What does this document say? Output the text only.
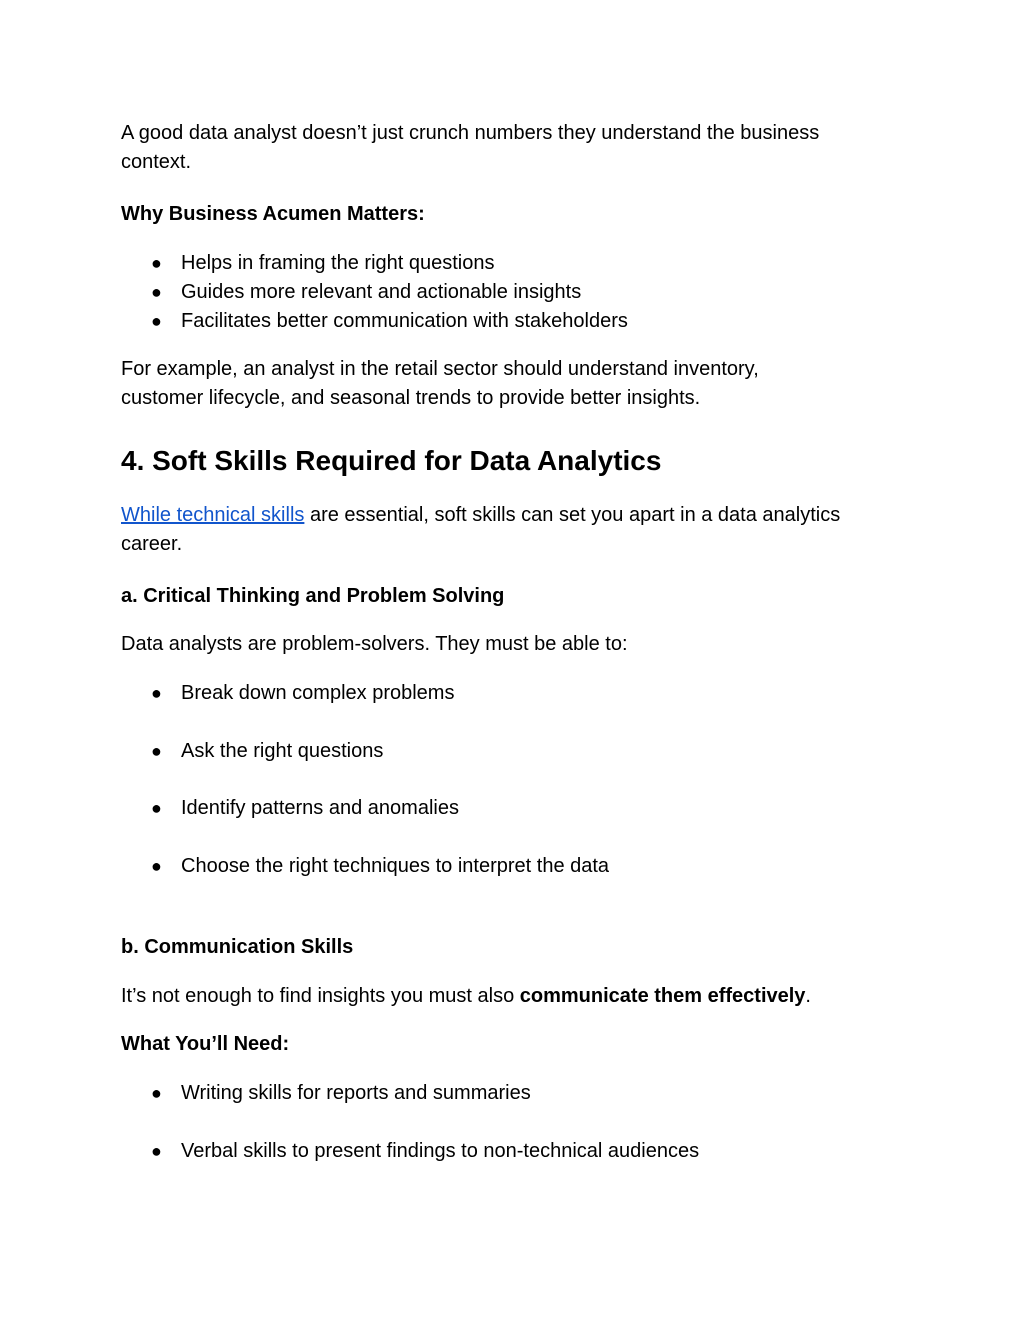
A good data analyst doesn’t just crunch numbers they understand the business

context.

Why Business Acumen Matters:

● Helps in framing the right questions
● Guides more relevant and actionable insights
● Facilitates better communication with stakeholders

For example, an analyst in the retail sector should understand inventory,

customer lifecycle, and seasonal trends to provide better insights.

4. Soft Skills Required for Data Analytics

While technical skills are essential, soft skills can set you apart in a data analytics

career.

a. Critical Thinking and Problem Solving

Data analysts are problem-solvers. They must be able to:

● Break down complex problems
● Ask the right questions
● Identify patterns and anomalies
● Choose the right techniques to interpret the data

b. Communication Skills

It’s not enough to find insights you must also communicate them effectively.

What You’ll Need:

● Writing skills for reports and summaries
● Verbal skills to present findings to non-technical audiences
